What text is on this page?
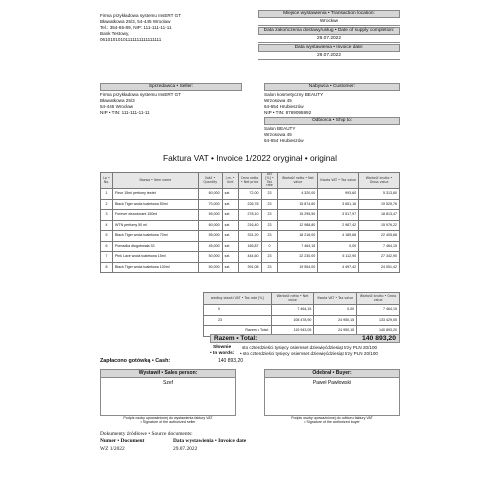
Firma przykładowa systemu InsERT GT
Bławatkowa 25/3, 54-445 Wrocław
Tel.: 354-65-89, NIP: 111-111-11-11
Bank Testowy,
06101010101111111111111111
Miejsce wystawienia • Transaction location:
Wrocław
Data zakończenia dostawy/usług • Date of supply completion:
29.07.2022
Data wystawienia • Invoice date:
29.07.2022
Sprzedawca • Seller:
Firma przykładowa systemu InsERT GT
Bławatkowa 25/3
54-445 Wrocław
NIP • TIN: 111-111-11-11
Nabywca • Customer:
Salon kosmetyczny BEAUTY
Wrzosowa 45
64-654 Hrubieszów
NIP • TIN: 8769095992
Odbiorca • Ship to:
Salon BEAUTY
Wrzosowa 45
64-654 Hrubieszów
Faktura VAT • Invoice 1/2022 oryginał • original
Lp • No.	Nazwa • Item name	Ilość • Quantity	J.m. • Unit	Cena netto • Net price	VAT [%] • Tax rate	Wartość netto • Net value	Kwota VAT • Tax value	Wartość brutto • Gross value
1	Fleur 15ml perfumy testet	60,000	szt.	72,00	23	4 320,00	993,60	5 313,60
2	Black Tiger woda toaletowa 50ml	70,000	szt.	226,78	23	15 874,60	3 651,16	19 525,76
3	Forever dezodorant 150ml	55,000	szt.	278,10	23	15 295,50	3 517,97	18 813,47
4	WTN perfumy 50 ml	60,000	szt.	216,40	23	12 988,80	2 987,42	15 976,22
5	Black Tiger woda toaletowa 70ml	55,000	szt.	331,20	23	18 216,00	4 189,68	22 405,68
6	Pomadka długotrwała 33	45,000	szt.	165,87	0	7 464,15	0,00	7 464,15
7	Pink Lace woda toaletowa 15ml	50,000	szt.	444,60	23	22 230,00	5 112,90	27 342,90
8	Black Tiger woda toaletowa 100ml	50,000	szt.	391,08	23	19 554,00	4 497,42	24 051,42
według stawki VAT • Tax rate [%]	Wartość netto • Net value	Kwota VAT • Tax value	Wartość brutto • Gross value
0	7 464,15	0,00	7 464,15
23	108 478,90	24 950,15	133 429,05
Razem • Total:	115 943,05	24 950,15	140 893,20
Razem • Total:	140 893,20
Słownie
• In words:
sto czterdzieści tysięcy osiemset dziewięćdziesiąt trzy PLN 20/100
• sto czterdzieści tysięcy osiemset dziewięćdziesiąt trzy PLN 20/100
Zapłacono gotówką • Cash:	140 893,20
Wystawił • Sales person:
Szef
Podpis osoby upoważnionej do wystawienia faktury VAT
• Signature of the authorized seller
Odebrał • Buyer:
Paweł Pawłowski
Podpis osoby upoważnionej do odbioru faktury VAT
• Signature of the authorized buyer
Dokumenty źródłowe • Source documents:
Numer • Document	Data wystawienia • Invoice date
WZ 1/2022	29.07.2022
